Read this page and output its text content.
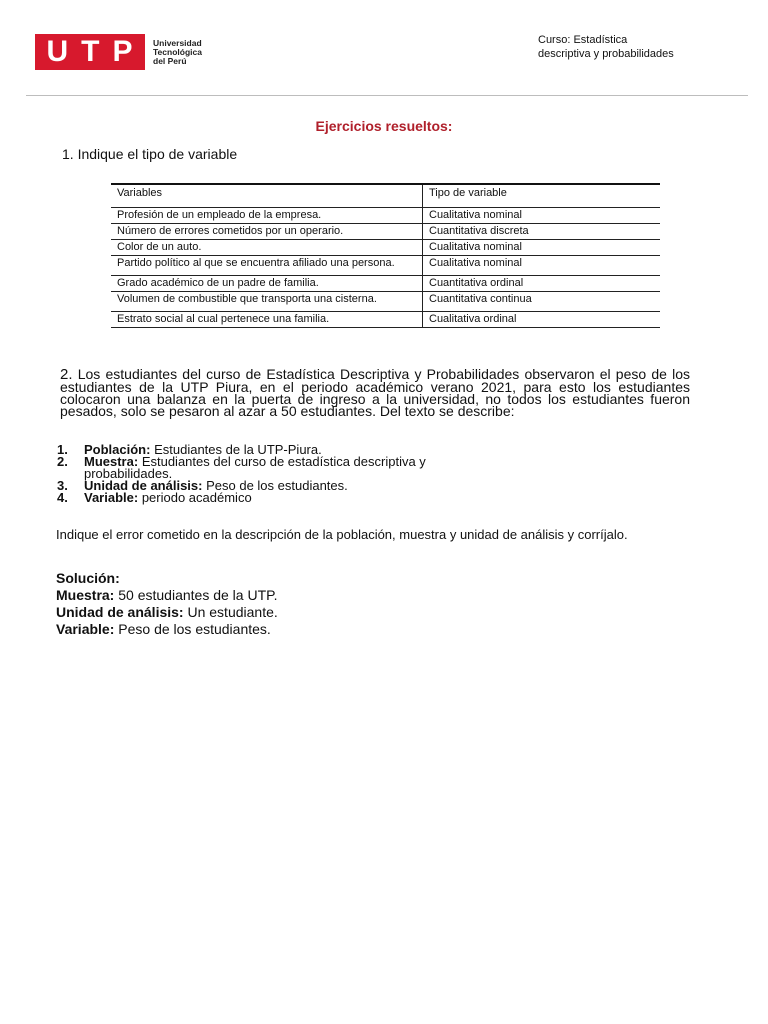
UTP Universidad
Tecnológica
del Perú
Curso: Estadística
descriptiva y probabilidades
Ejercicios resueltos:
1. Indique el tipo de variable
Variables	Tipo de variable
Profesión de un empleado de la empresa.	Cualitativa nominal
Número de errores cometidos por un operario.	Cuantitativa discreta
Color de un auto.	Cualitativa nominal
Partido político al que se encuentra afiliado una persona.	Cualitativa nominal
Grado académico de un padre de familia.	Cuantitativa ordinal
Volumen de combustible que transporta una cisterna.	Cuantitativa continua
Estrato social al cual pertenece una familia.	Cualitativa ordinal
2. Los estudiantes del curso de Estadística Descriptiva y Probabilidades observaron el peso de los estudiantes de la UTP Piura, en el periodo académico verano 2021, para esto los estudiantes colocaron una balanza en la puerta de ingreso a la universidad, no todos los estudiantes fueron pesados, solo se pesaron al azar a 50 estudiantes. Del texto se describe:
1.	Población: Estudiantes de la UTP-Piura.
2.	Muestra: Estudiantes del curso de estadística descriptiva y probabilidades.
3.	Unidad de análisis: Peso de los estudiantes.
4.	Variable: periodo académico
Indique el error cometido en la descripción de la población, muestra y unidad de análisis y corríjalo.
Solución:
Muestra: 50 estudiantes de la UTP.
Unidad de análisis: Un estudiante.
Variable: Peso de los estudiantes.
